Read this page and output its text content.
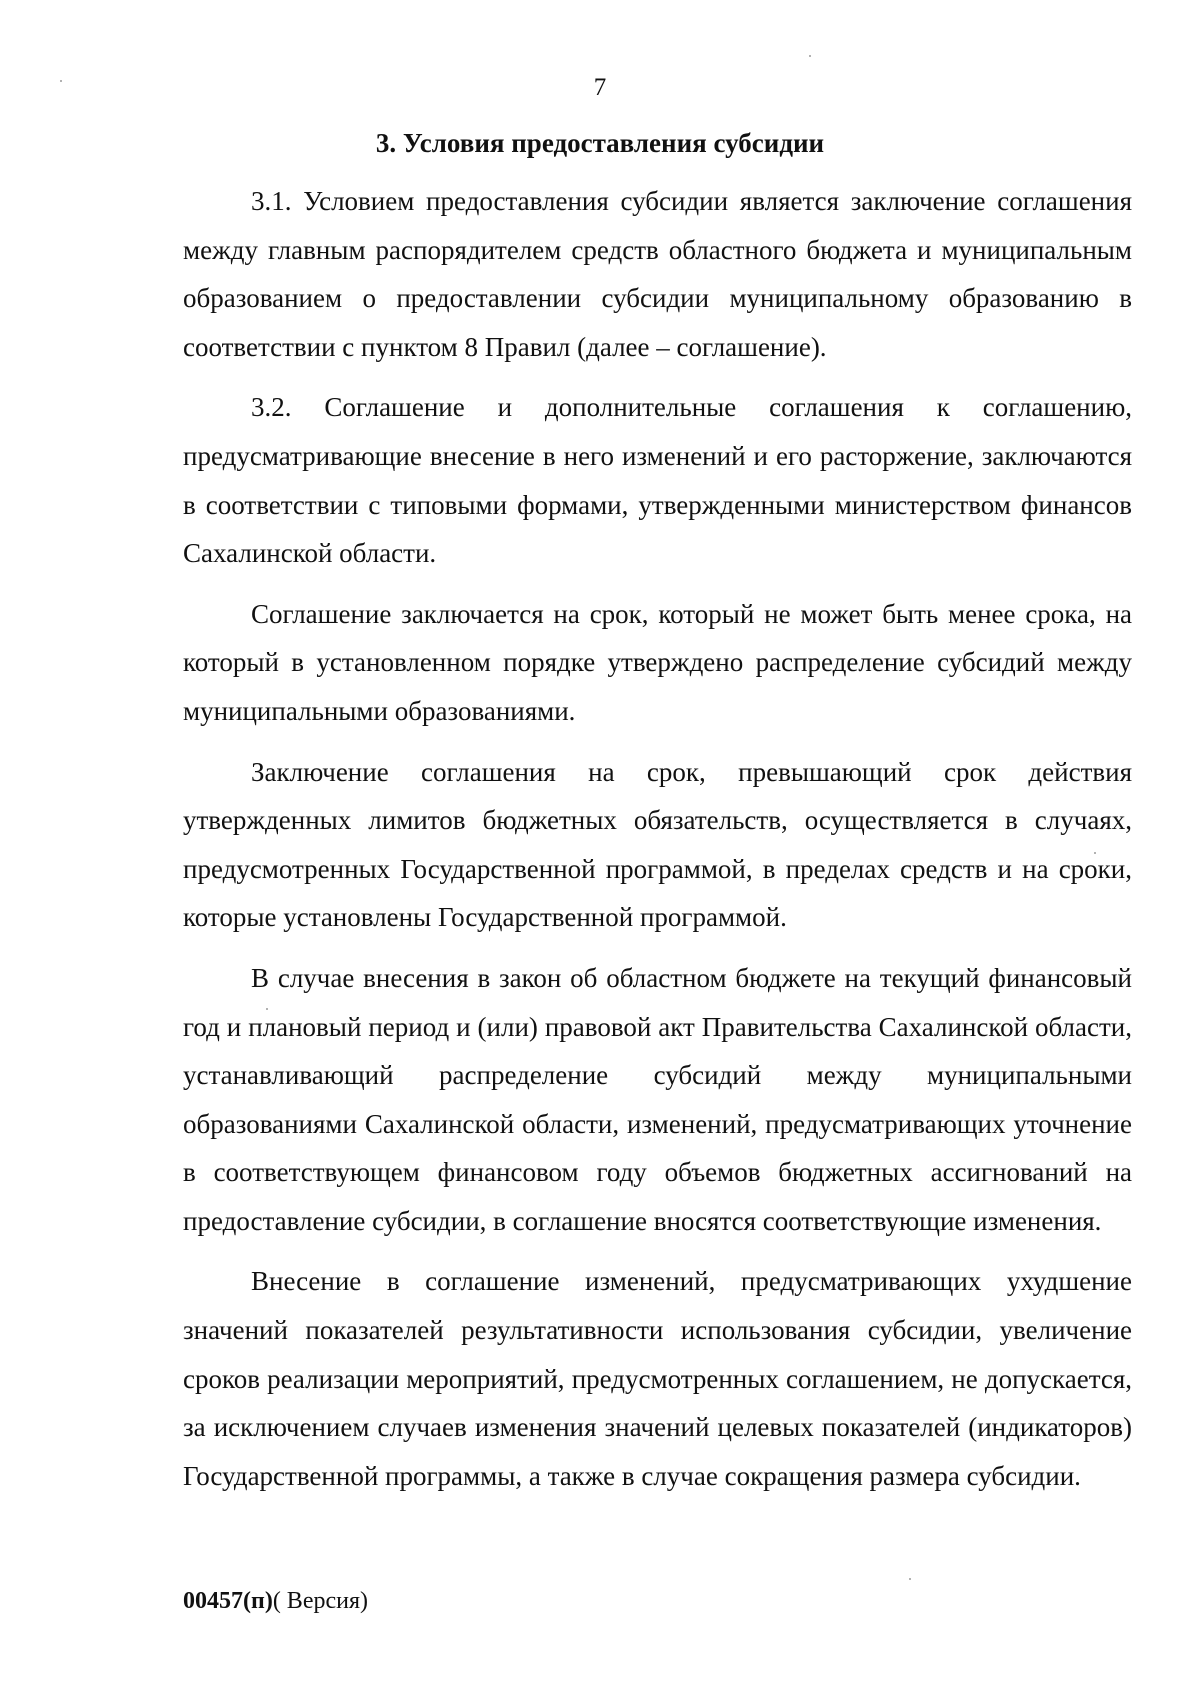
7
3. Условия предоставления субсидии

3.1. Условием предоставления субсидии является заключение соглашения между главным распорядителем средств областного бюджета и муниципальным образованием о предоставлении субсидии муниципальному образованию в соответствии с пунктом 8 Правил (далее – соглашение).

3.2. Соглашение и дополнительные соглашения к соглашению, предусматривающие внесение в него изменений и его расторжение, заключаются в соответствии с типовыми формами, утвержденными министерством финансов Сахалинской области.

Соглашение заключается на срок, который не может быть менее срока, на который в установленном порядке утверждено распределение субсидий между муниципальными образованиями.

Заключение соглашения на срок, превышающий срок действия утвержденных лимитов бюджетных обязательств, осуществляется в случаях, предусмотренных Государственной программой, в пределах средств и на сроки, которые установлены Государственной программой.

В случае внесения в закон об областном бюджете на текущий финансовый год и плановый период и (или) правовой акт Правительства Сахалинской области, устанавливающий распределение субсидий между муниципальными образованиями Сахалинской области, изменений, предусматривающих уточнение в соответствующем финансовом году объемов бюджетных ассигнований на предоставление субсидии, в соглашение вносятся соответствующие изменения.

Внесение в соглашение изменений, предусматривающих ухудшение значений показателей результативности использования субсидии, увеличение сроков реализации мероприятий, предусмотренных соглашением, не допускается, за исключением случаев изменения значений целевых показателей (индикаторов) Государственной программы, а также в случае сокращения размера субсидии.

00457(п)( Версия)
